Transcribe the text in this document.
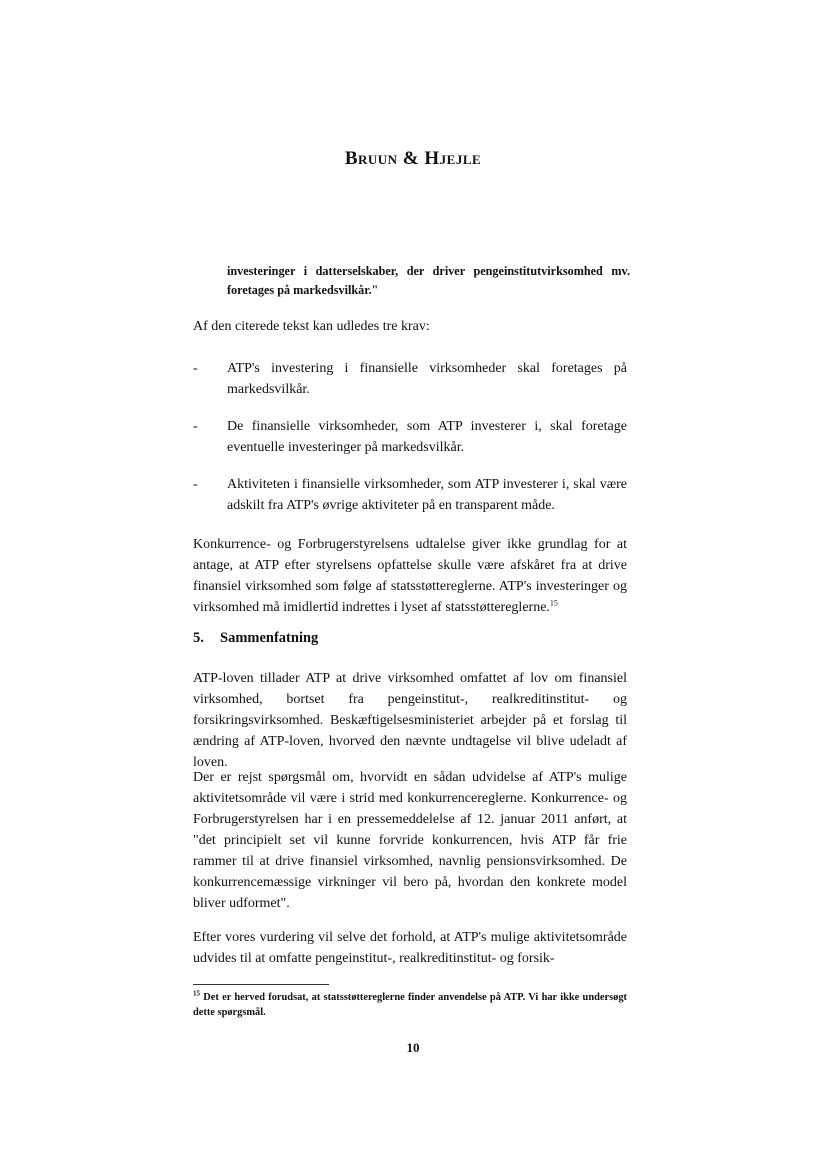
Bruun & Hjejle
investeringer i datterselskaber, der driver pengeinstitutvirksomhed mv. foretages på markedsvilkår."
Af den citerede tekst kan udledes tre krav:
- ATP's investering i finansielle virksomheder skal foretages på markedsvilkår.
- De finansielle virksomheder, som ATP investerer i, skal foretage eventuelle investeringer på markedsvilkår.
- Aktiviteten i finansielle virksomheder, som ATP investerer i, skal være adskilt fra ATP's øvrige aktiviteter på en transparent måde.
Konkurrence- og Forbrugerstyrelsens udtalelse giver ikke grundlag for at antage, at ATP efter styrelsens opfattelse skulle være afskåret fra at drive finansiel virksomhed som følge af statsstøttereglerne. ATP's investeringer og virksomhed må imidlertid indrettes i lyset af statsstøttereglerne.$^{15}$
5. Sammenfatning
ATP-loven tillader ATP at drive virksomhed omfattet af lov om finansiel virksomhed, bortset fra pengeinstitut-, realkreditinstitut- og forsikringsvirksomhed. Beskæftigelsesministeriet arbejder på et forslag til ændring af ATP-loven, hvorved den nævnte undtagelse vil blive udeladt af loven.
Der er rejst spørgsmål om, hvorvidt en sådan udvidelse af ATP's mulige aktivitetsområde vil være i strid med konkurrencereglerne. Konkurrence- og Forbrugerstyrelsen har i en pressemeddelelse af 12. januar 2011 anført, at "det principielt set vil kunne forvride konkurrencen, hvis ATP får frie rammer til at drive finansiel virksomhed, navnlig pensionsvirksomhed. De konkurrencemæssige virkninger vil bero på, hvordan den konkrete model bliver udformet".
Efter vores vurdering vil selve det forhold, at ATP's mulige aktivitetsområde udvides til at omfatte pengeinstitut-, realkreditinstitut- og forsik-
$^{15}$ Det er herved forudsat, at statsstøttereglerne finder anvendelse på ATP. Vi har ikke undersøgt dette spørgsmål.
10
